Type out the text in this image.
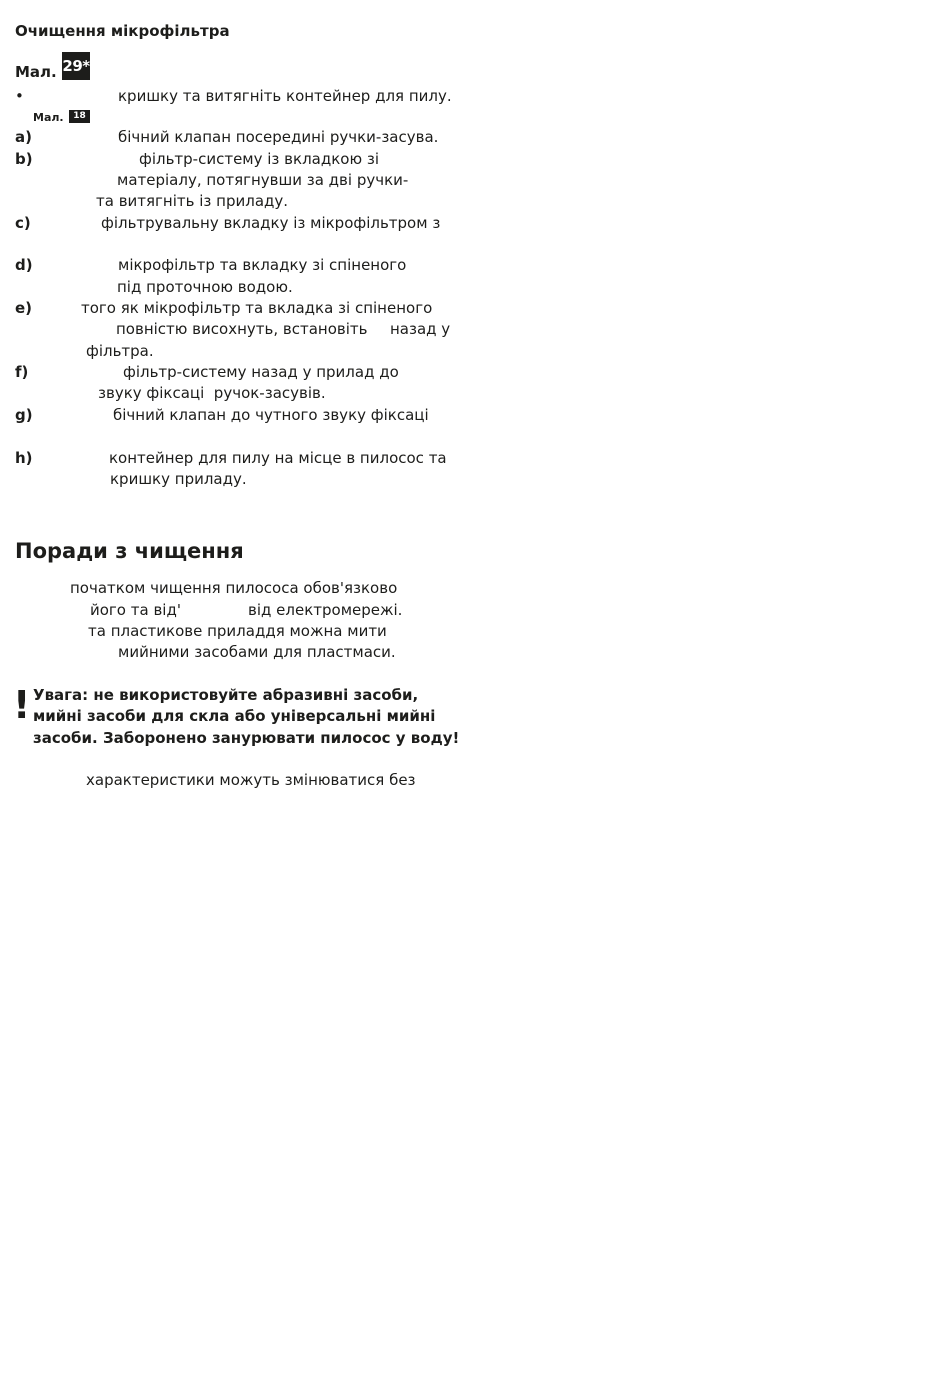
Очищення мікрофільтра
Мал. 29*
•	кришку та витягніть контейнер для пилу.
Мал.	18
a)	бічний клапан посередині ручки-засува.
b)	фільтр-систему із вкладкою зі
матеріалу, потягнувши за дві ручки-
та витягніть із приладу.
c)	фільтрувальну вкладку із мікрофільтром з
d)	мікрофільтр та вкладку зі спіненого
під проточною водою.
e)	того як мікрофільтр та вкладка зі спіненого
повністю висохнуть, встановіть назад у
фільтра.
f)	фільтр-систему назад у прилад до
звуку фіксаці  ручок-засувів.
g)	бічний клапан до чутного звуку фіксаці
h)	контейнер для пилу на місце в пилосос та
кришку приладу.
Поради з чищення
початком чищення пилососа обов'язково
його та від'	від електромережі.
та пластикове приладдя можна мити
мийними засобами для пластмаси.
! Увага: не використовуйте абразивні засоби,
мийні засоби для скла або універсальні мийні
засоби. Заборонено занурювати пилосос у воду!
характеристики можуть змінюватися без
